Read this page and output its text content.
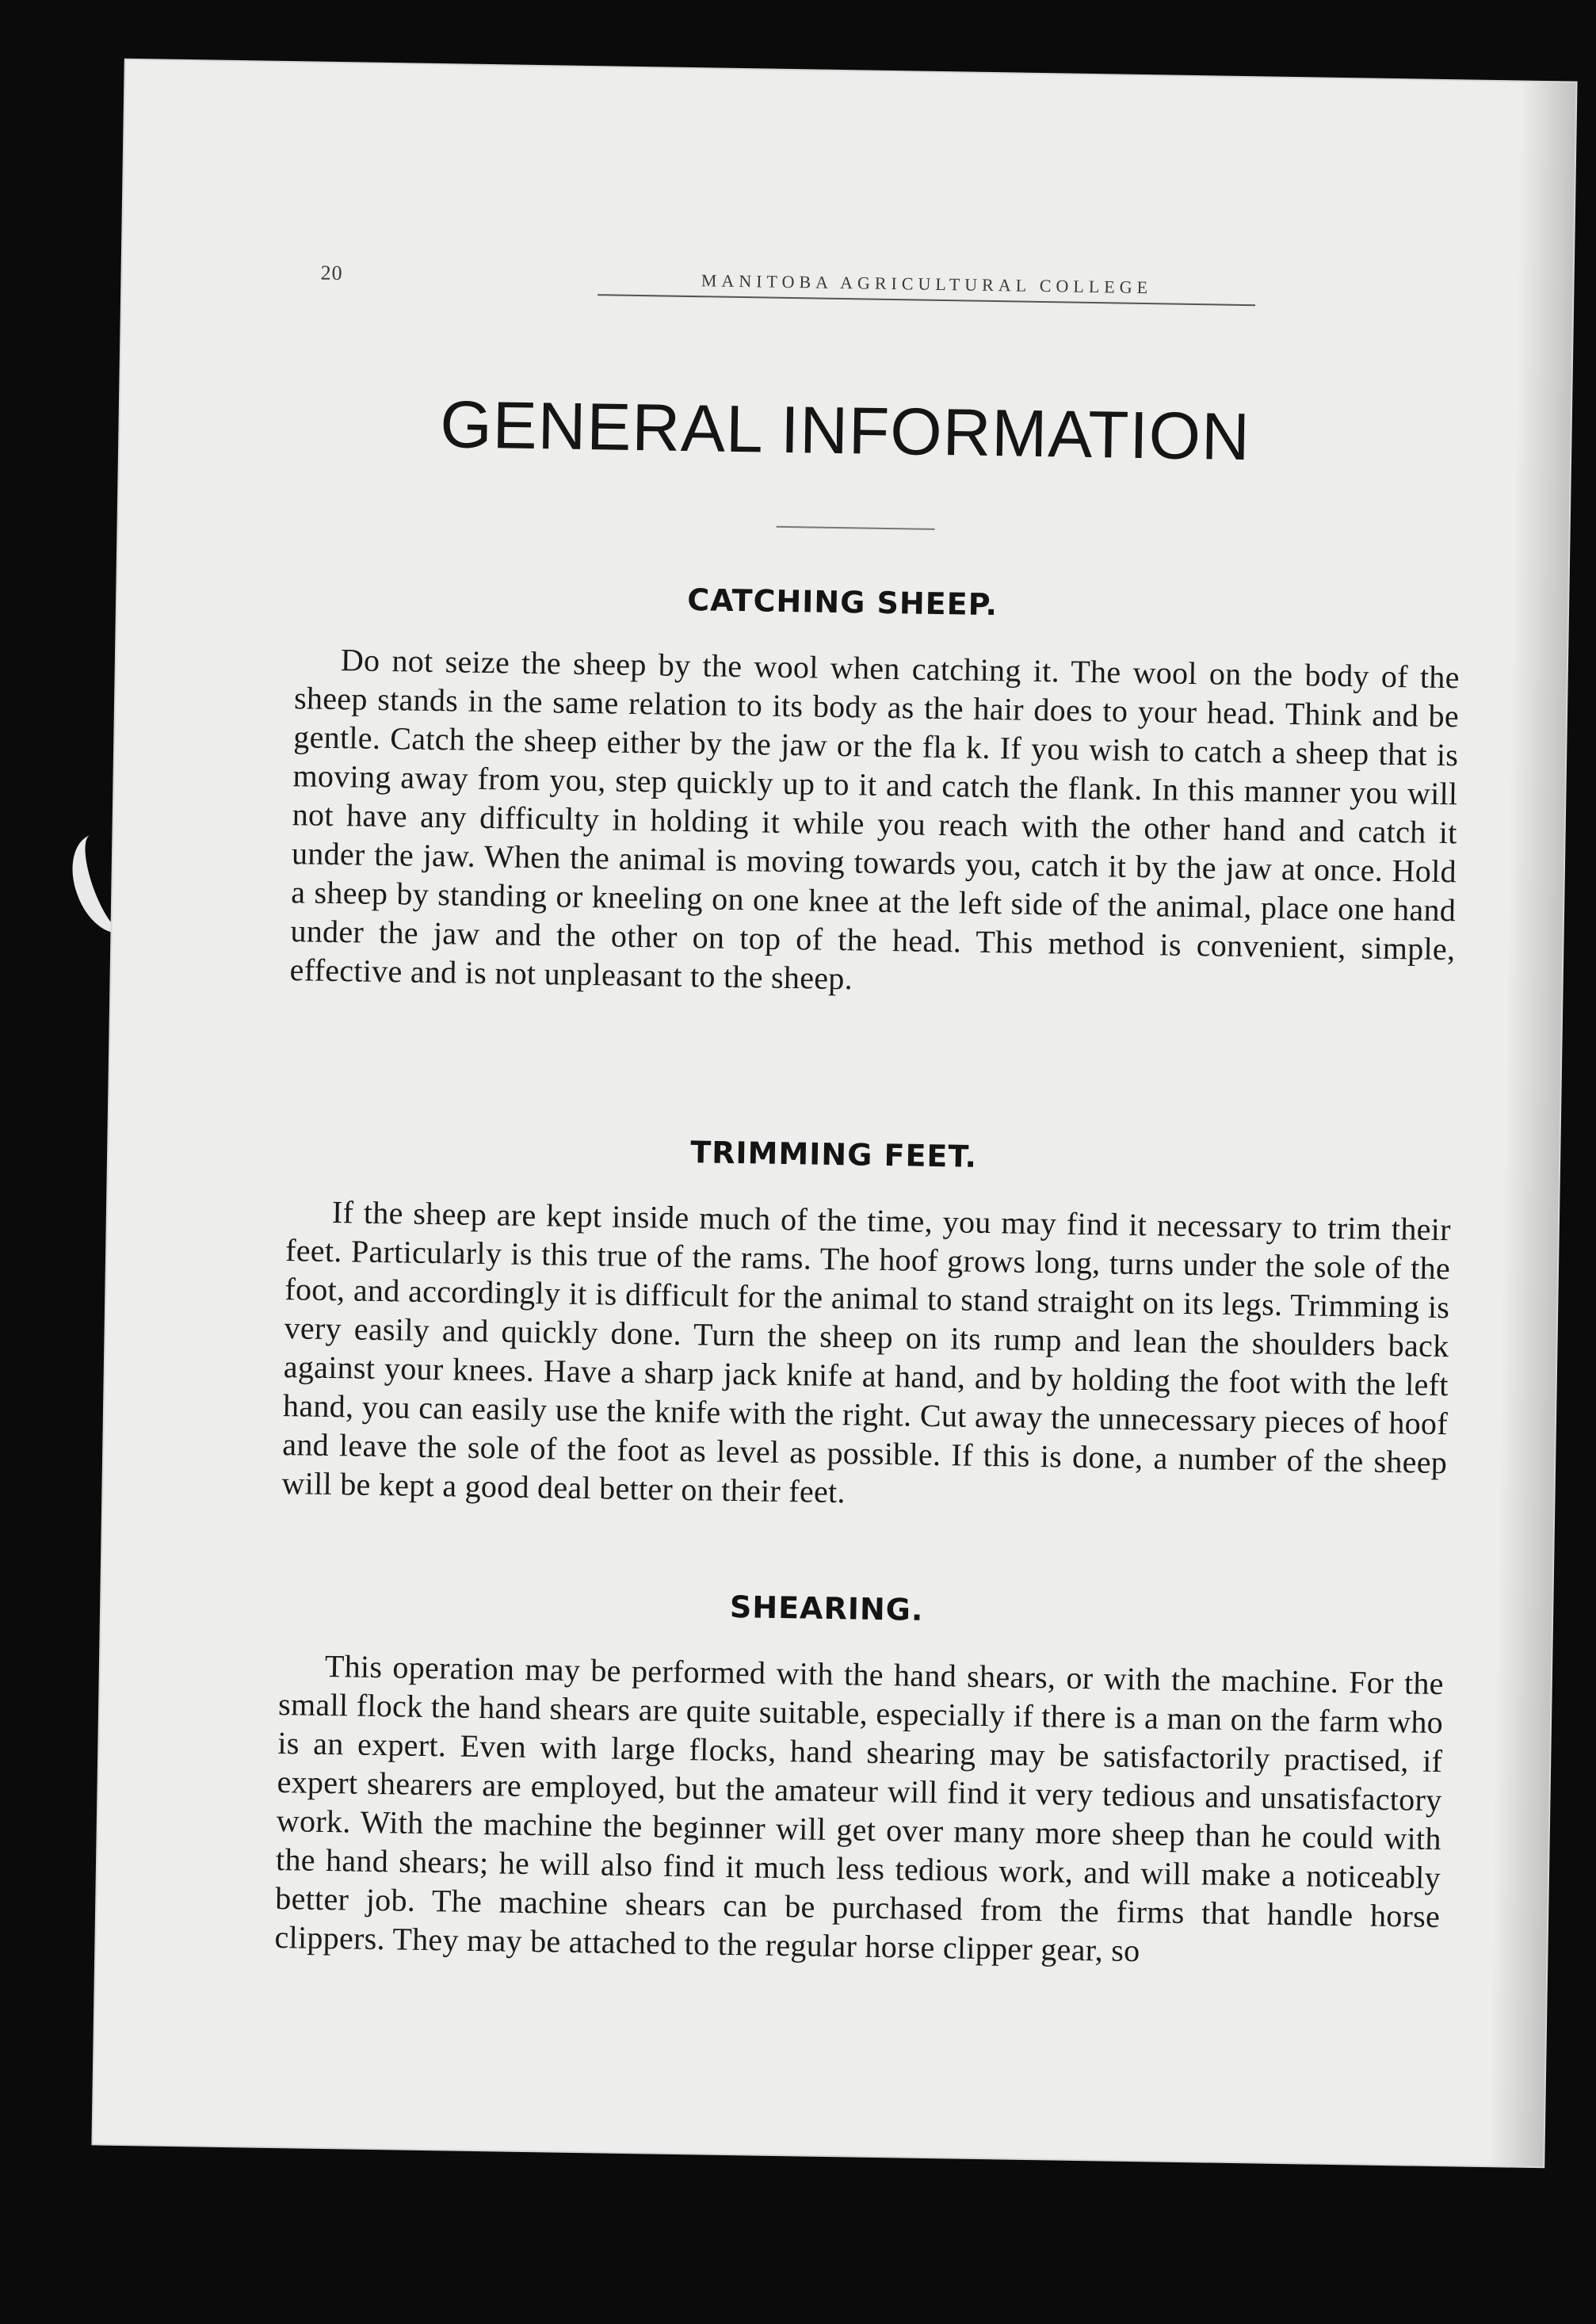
20	MANITOBA AGRICULTURAL COLLEGE
GENERAL INFORMATION
CATCHING SHEEP.

Do not seize the sheep by the wool when catching it. The wool on the body of the sheep stands in the same relation to its body as the hair does to your head. Think and be gentle. Catch the sheep either by the jaw or the fla k. If you wish to catch a sheep that is moving away from you, step quickly up to it and catch the flank. In this manner you will not have any difficulty in holding it while you reach with the other hand and catch it under the jaw. When the animal is moving towards you, catch it by the jaw at once. Hold a sheep by standing or kneeling on one knee at the left side of the animal, place one hand under the jaw and the other on top of the head. This method is convenient, simple, effective and is not unpleasant to the sheep.

TRIMMING FEET.

If the sheep are kept inside much of the time, you may find it necessary to trim their feet. Particularly is this true of the rams. The hoof grows long, turns under the sole of the foot, and accordingly it is difficult for the animal to stand straight on its legs. Trimming is very easily and quickly done. Turn the sheep on its rump and lean the shoulders back against your knees. Have a sharp jack knife at hand, and by holding the foot with the left hand, you can easily use the knife with the right. Cut away the unnecessary pieces of hoof and leave the sole of the foot as level as possible. If this is done, a number of the sheep will be kept a good deal better on their feet.

SHEARING.

This operation may be performed with the hand shears, or with the machine. For the small flock the hand shears are quite suitable, especially if there is a man on the farm who is an expert. Even with large flocks, hand shearing may be satisfactorily practised, if expert shearers are employed, but the amateur will find it very tedious and unsatisfactory work. With the machine the beginner will get over many more sheep than he could with the hand shears; he will also find it much less tedious work, and will make a noticeably better job. The machine shears can be purchased from the firms that handle horse clippers. They may be attached to the regular horse clipper gear, so
